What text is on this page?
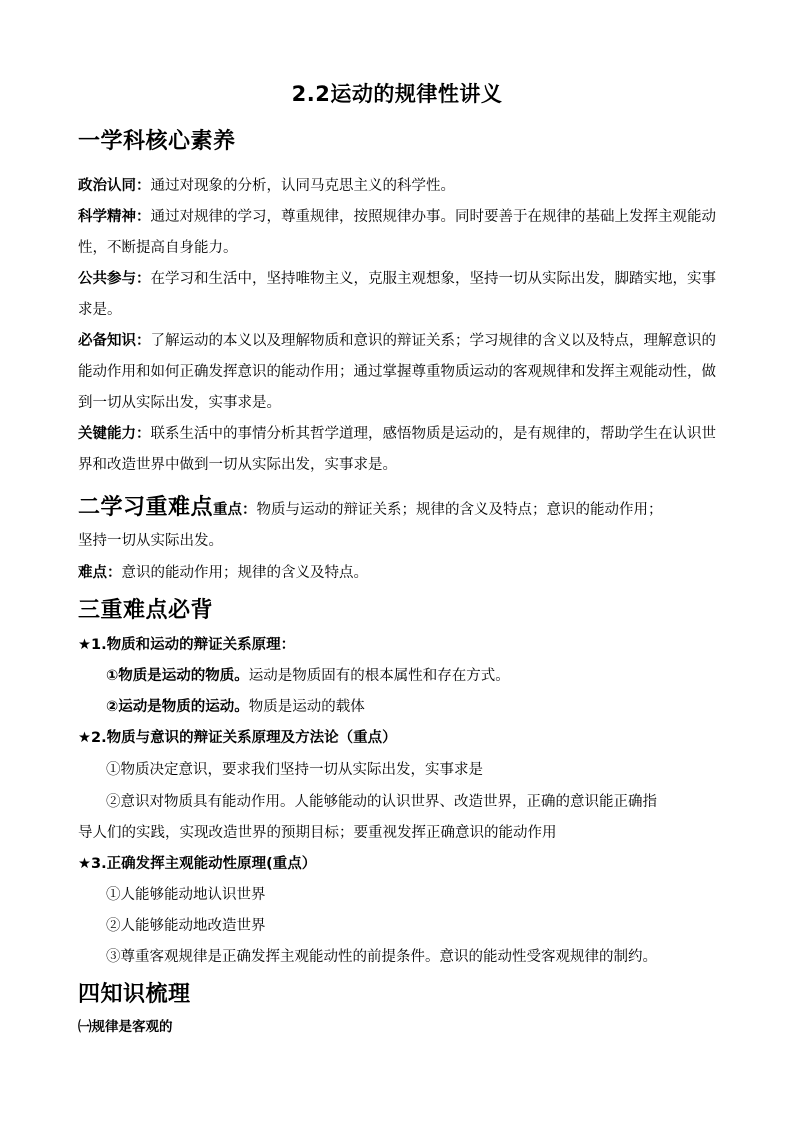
2.2运动的规律性讲义
一学科核心素养
政治认同：通过对现象的分析，认同马克思主义的科学性。
科学精神：通过对规律的学习，尊重规律，按照规律办事。同时要善于在规律的基础上发挥主观能动性，不断提高自身能力。
公共参与：在学习和生活中，坚持唯物主义，克服主观想象，坚持一切从实际出发，脚踏实地，实事求是。
必备知识：了解运动的本义以及理解物质和意识的辩证关系；学习规律的含义以及特点，理解意识的能动作用和如何正确发挥意识的能动作用；通过掌握尊重物质运动的客观规律和发挥主观能动性，做到一切从实际出发，实事求是。
关键能力：联系生活中的事情分析其哲学道理，感悟物质是运动的，是有规律的，帮助学生在认识世界和改造世界中做到一切从实际出发，实事求是。
二学习重难点重点：物质与运动的辩证关系；规律的含义及特点；意识的能动作用；
坚持一切从实际出发。
难点：意识的能动作用；规律的含义及特点。
三重难点必背
★1.物质和运动的辩证关系原理：
①物质是运动的物质。运动是物质固有的根本属性和存在方式。
②运动是物质的运动。物质是运动的载体
★2.物质与意识的辩证关系原理及方法论（重点）
①物质决定意识，要求我们坚持一切从实际出发，实事求是
②意识对物质具有能动作用。人能够能动的认识世界、改造世界，正确的意识能正确指
导人们的实践，实现改造世界的预期目标；要重视发挥正确意识的能动作用
★3.正确发挥主观能动性原理(重点）
①人能够能动地认识世界
②人能够能动地改造世界
③尊重客观规律是正确发挥主观能动性的前提条件。意识的能动性受客观规律的制约。
四知识梳理
㈠规律是客观的
